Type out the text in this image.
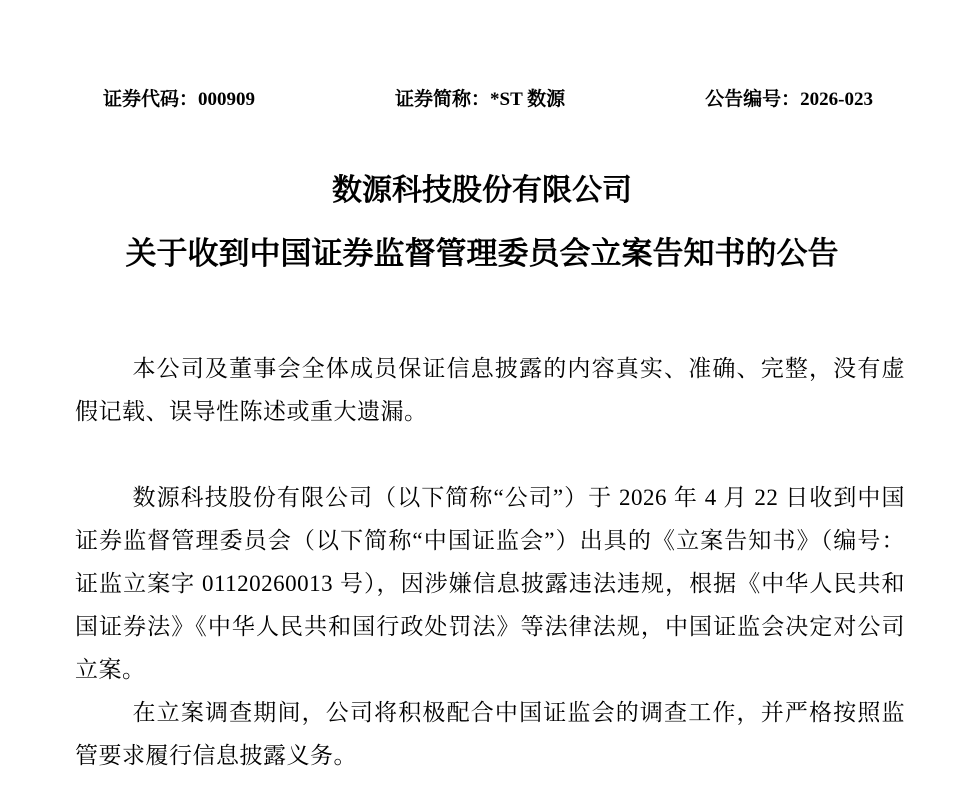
证券代码：000909	证券简称：*ST 数源	公告编号：2026-023
数源科技股份有限公司
关于收到中国证券监督管理委员会立案告知书的公告

本公司及董事会全体成员保证信息披露的内容真实、准确、完整，没有虚假记载、误导性陈述或重大遗漏。

数源科技股份有限公司（以下简称“公司”）于 2026 年 4 月 22 日收到中国证券监督管理委员会（以下简称“中国证监会”）出具的《立案告知书》（编号：证监立案字 01120260013 号），因涉嫌信息披露违法违规，根据《中华人民共和国证券法》《中华人民共和国行政处罚法》等法律法规，中国证监会决定对公司立案。

在立案调查期间，公司将积极配合中国证监会的调查工作，并严格按照监管要求履行信息披露义务。
